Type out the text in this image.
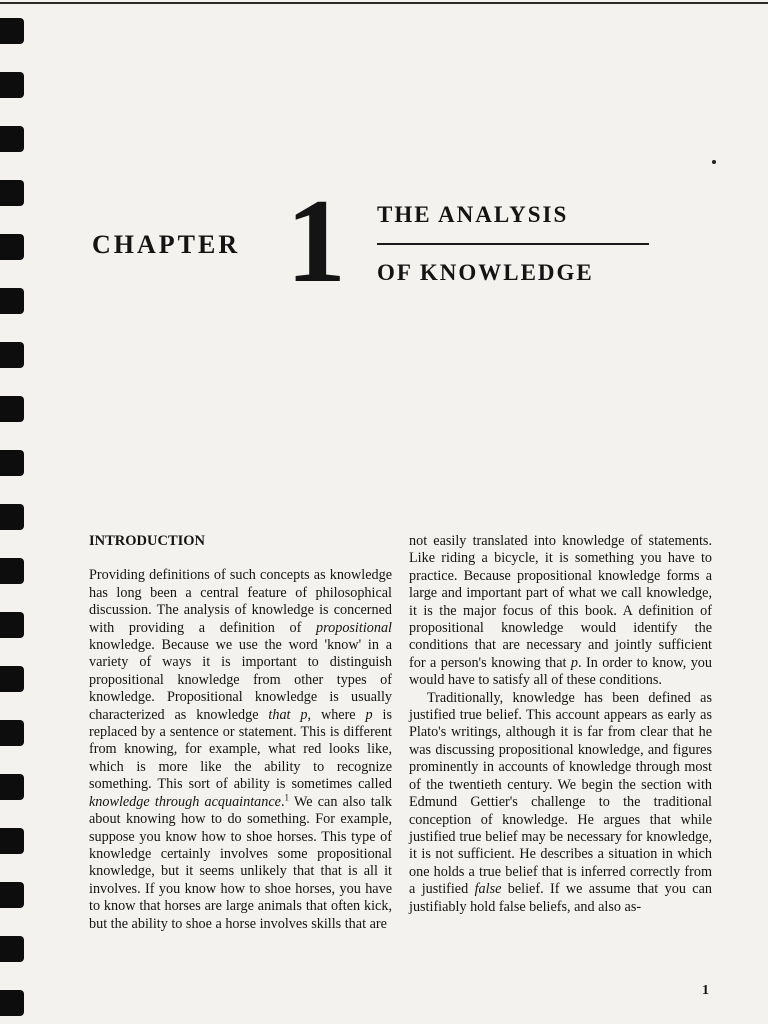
CHAPTER 1 THE ANALYSIS
OF KNOWLEDGE

INTRODUCTION

Providing definitions of such concepts as knowledge has long been a central feature of philosophical discussion. The analysis of knowledge is concerned with providing a definition of propositional knowledge. Because we use the word 'know' in a variety of ways it is important to distinguish propositional knowledge from other types of knowledge. Propositional knowledge is usually characterized as knowledge that p, where p is replaced by a sentence or statement. This is different from knowing, for example, what red looks like, which is more like the ability to recognize something. This sort of ability is sometimes called knowledge through acquaintance.$^1$ We can also talk about knowing how to do something. For example, suppose you know how to shoe horses. This type of knowledge certainly involves some propositional knowledge, but it seems unlikely that that is all it involves. If you know how to shoe horses, you have to know that horses are large animals that often kick, but the ability to shoe a horse involves skills that are

not easily translated into knowledge of statements. Like riding a bicycle, it is something you have to practice. Because propositional knowledge forms a large and important part of what we call knowledge, it is the major focus of this book. A definition of propositional knowledge would identify the conditions that are necessary and jointly sufficient for a person's knowing that p. In order to know, you would have to satisfy all of these conditions.

Traditionally, knowledge has been defined as justified true belief. This account appears as early as Plato's writings, although it is far from clear that he was discussing propositional knowledge, and figures prominently in accounts of knowledge through most of the twentieth century. We begin the section with Edmund Gettier's challenge to the traditional conception of knowledge. He argues that while justified true belief may be necessary for knowledge, it is not sufficient. He describes a situation in which one holds a true belief that is inferred correctly from a justified false belief. If we assume that you can justifiably hold false beliefs, and also as-

1
